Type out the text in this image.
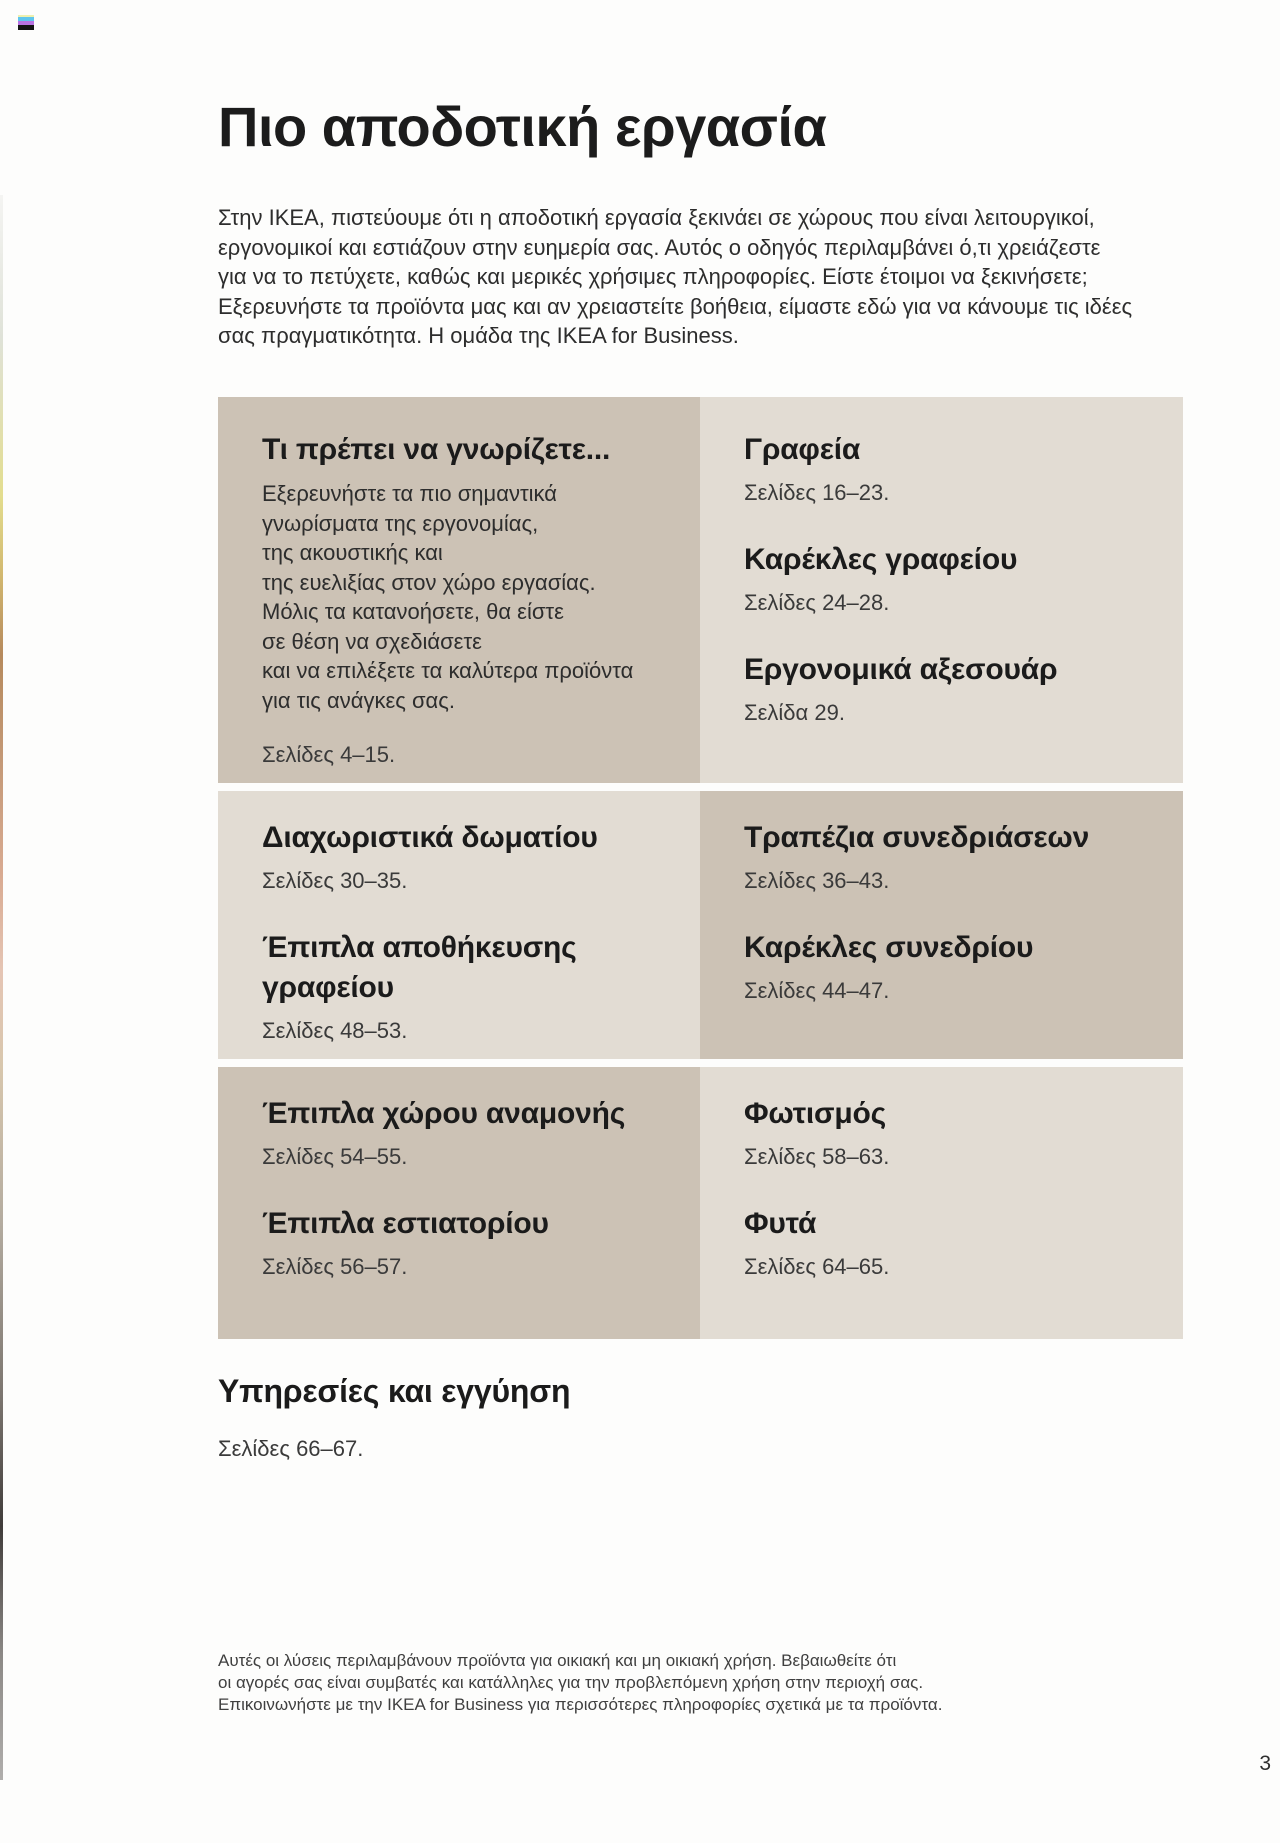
Πιο αποδοτική εργασία
Στην ΙΚΕΑ, πιστεύουμε ότι η αποδοτική εργασία ξεκινάει σε χώρους που είναι λειτουργικοί,
εργονομικοί και εστιάζουν στην ευημερία σας. Αυτός ο οδηγός περιλαμβάνει ό,τι χρειάζεστε
για να το πετύχετε, καθώς και μερικές χρήσιμες πληροφορίες. Είστε έτοιμοι να ξεκινήσετε;
Εξερευνήστε τα προϊόντα μας και αν χρειαστείτε βοήθεια, είμαστε εδώ για να κάνουμε τις ιδέες
σας πραγματικότητα. Η ομάδα της IKEA for Business.
Τι πρέπει να γνωρίζετε...
Εξερευνήστε τα πιο σημαντικά
γνωρίσματα της εργονομίας,
της ακουστικής και
της ευελιξίας στον χώρο εργασίας.
Μόλις τα κατανοήσετε, θα είστε
σε θέση να σχεδιάσετε
και να επιλέξετε τα καλύτερα προϊόντα
για τις ανάγκες σας.
Σελίδες 4–15.
Γραφεία

Σελίδες 16–23.

Καρέκλες γραφείου

Σελίδες 24–28.

Εργονομικά αξεσουάρ

Σελίδα 29.

Διαχωριστικά δωματίου

Σελίδες 30–35.

Έπιπλα αποθήκευσης γραφείου

Σελίδες 48–53.

Τραπέζια συνεδριάσεων

Σελίδες 36–43.

Καρέκλες συνεδρίου

Σελίδες 44–47.

Έπιπλα χώρου αναμονής

Σελίδες 54–55.

Έπιπλα εστιατορίου

Σελίδες 56–57.

Φωτισμός

Σελίδες 58–63.

Φυτά

Σελίδες 64–65.

Υπηρεσίες και εγγύηση
Σελίδες 66–67.
Αυτές οι λύσεις περιλαμβάνουν προϊόντα για οικιακή και μη οικιακή χρήση. Βεβαιωθείτε ότι
οι αγορές σας είναι συμβατές και κατάλληλες για την προβλεπόμενη χρήση στην περιοχή σας.
Επικοινωνήστε με την IKEA for Business για περισσότερες πληροφορίες σχετικά με τα προϊόντα.
3
